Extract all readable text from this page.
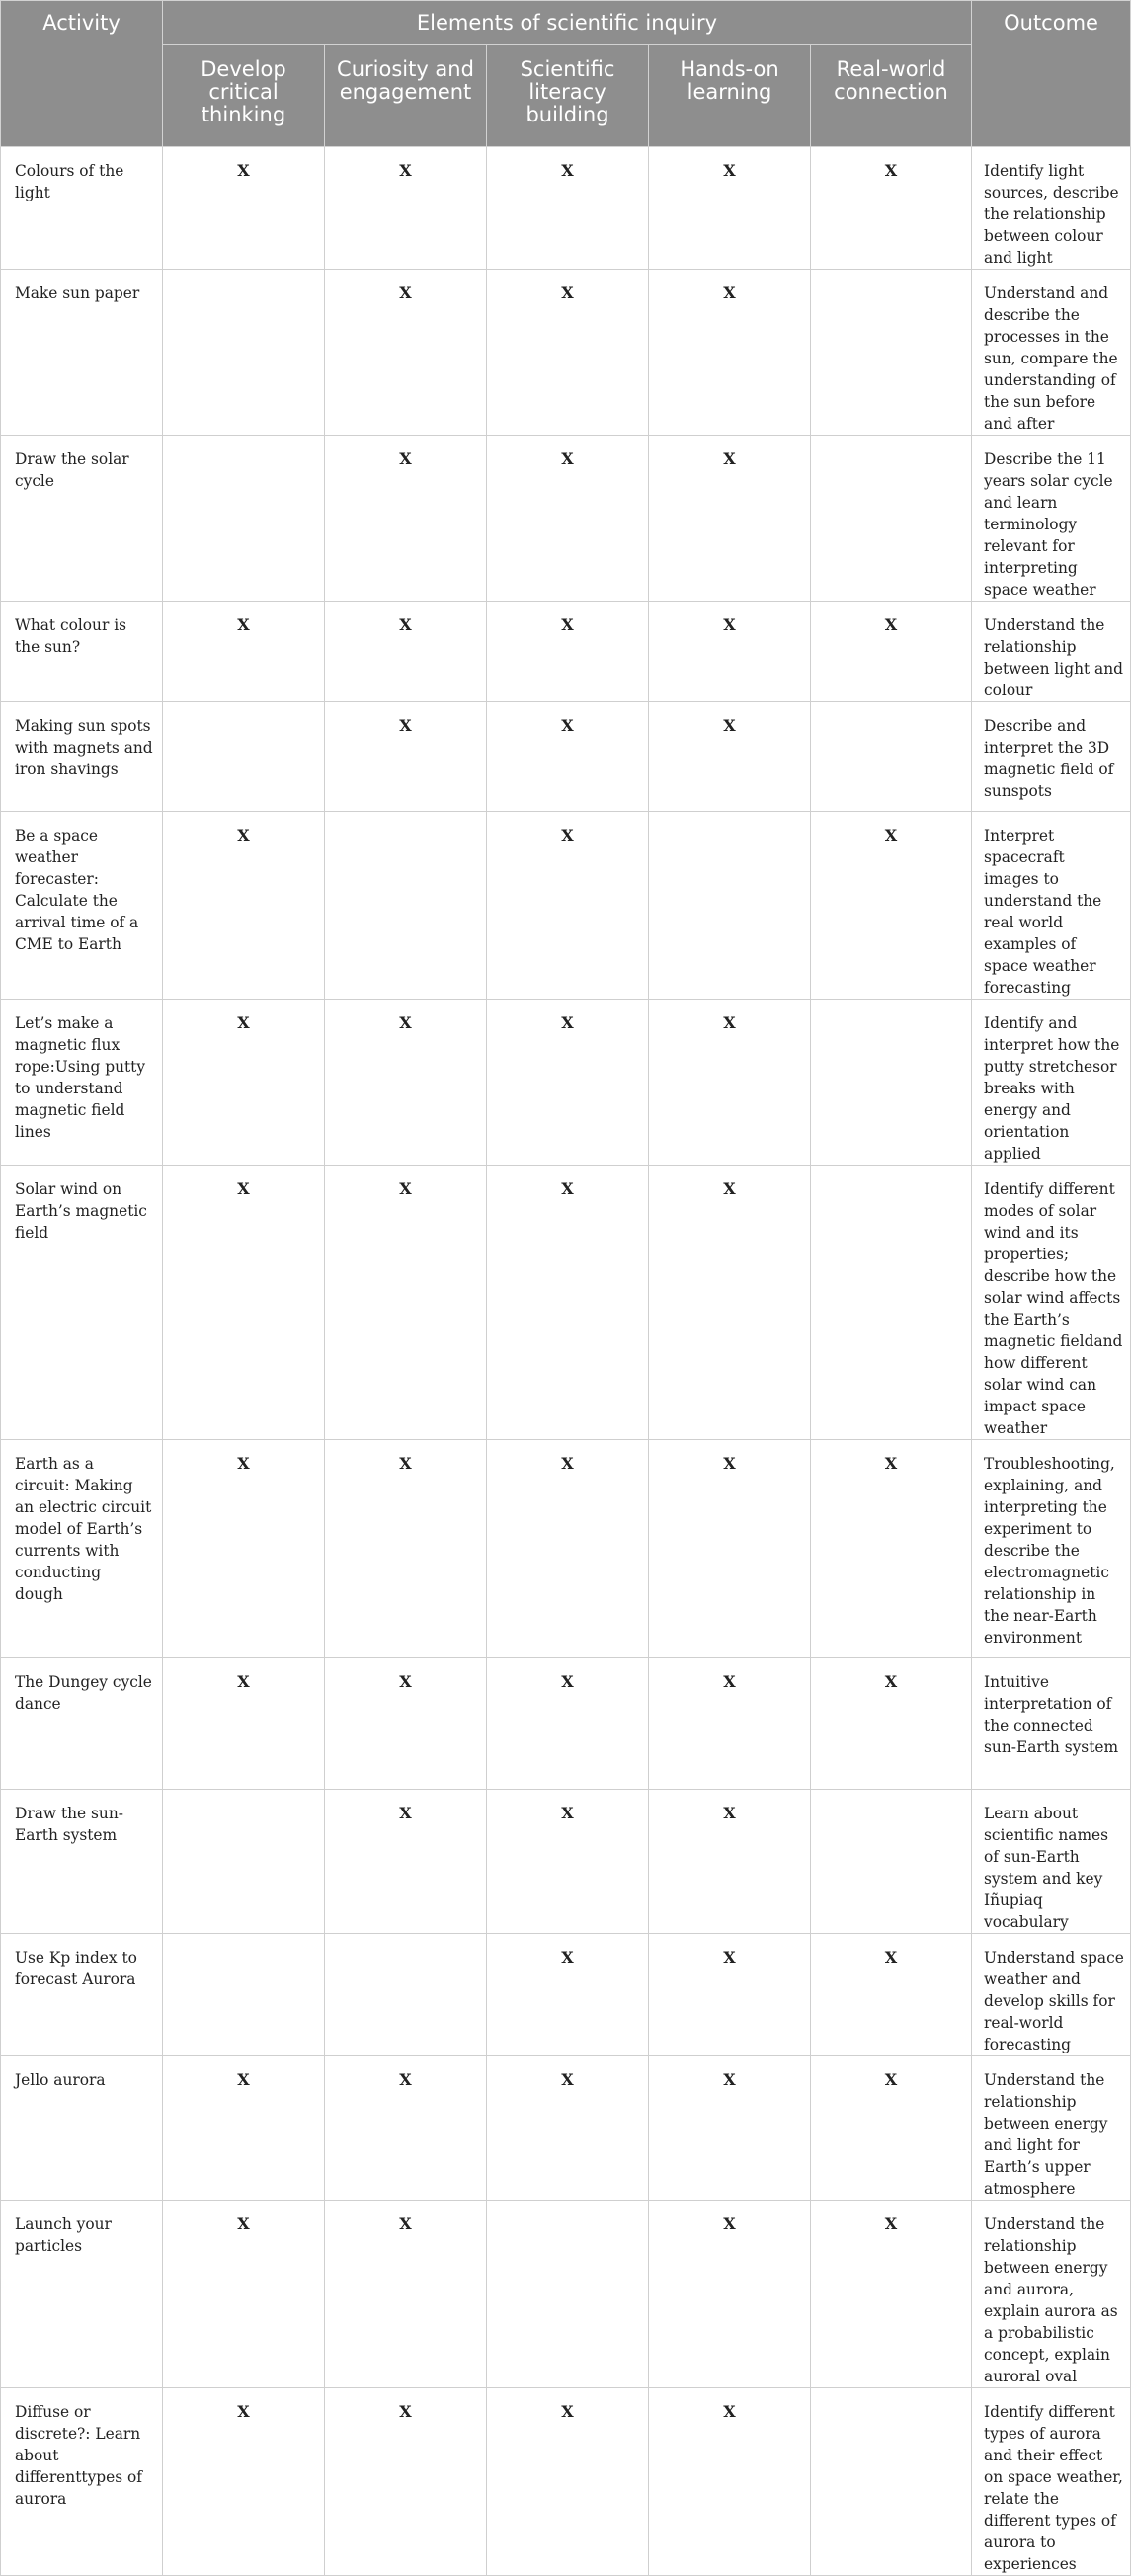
Activity	Elements of scientific inquiry					Outcome
	Develop critical thinking	Curiosity and engagement	Scientific literacy building	Hands-on learning	Real-world connection	
Colours of the light	X	X	X	X	X	Identify light sources, describe the relationship between colour and light
Make sun paper		X	X	X		Understand and describe the processes in the sun, compare the understanding of the sun before and after
Draw the solar cycle		X	X	X		Describe the 11 years solar cycle and learn terminology relevant for interpreting space weather
What colour is the sun?	X	X	X	X	X	Understand the relationship between light and colour
Making sun spots with magnets and iron shavings		X	X	X		Describe and interpret the 3D magnetic field of sunspots
Be a space weather forecaster: Calculate the arrival time of a CME to Earth	X		X		X	Interpret spacecraft images to understand the real world examples of space weather forecasting
Let’s make a magnetic flux rope:Using putty to understand magnetic field lines	X	X	X	X		Identify and interpret how the putty stretchesor breaks with energy and orientation applied
Solar wind on Earth’s magnetic field	X	X	X	X		Identify different modes of solar wind and its properties; describe how the solar wind affects the Earth’s magnetic fieldand how different solar wind can impact space weather
Earth as a circuit: Making an electric circuit model of Earth’s currents with conducting dough	X	X	X	X	X	Troubleshooting, explaining, and interpreting the experiment to describe the electromagnetic relationship in the near-Earth environment
The Dungey cycle dance	X	X	X	X	X	Intuitive interpretation of the connected sun-Earth system
Draw the sun-Earth system		X	X	X		Learn about scientific names of sun-Earth system and key Iñupiaq vocabulary
Use Kp index to forecast Aurora			X	X	X	Understand space weather and develop skills for real-world forecasting
Jello aurora	X	X	X	X	X	Understand the relationship between energy and light for Earth’s upper atmosphere
Launch your particles	X	X		X	X	Understand the relationship between energy and aurora, explain aurora as a probabilistic concept, explain auroral oval
Diffuse or discrete?: Learn about differenttypes of aurora	X	X	X	X		Identify different types of aurora and their effect on space weather, relate the different types of aurora to experiences
